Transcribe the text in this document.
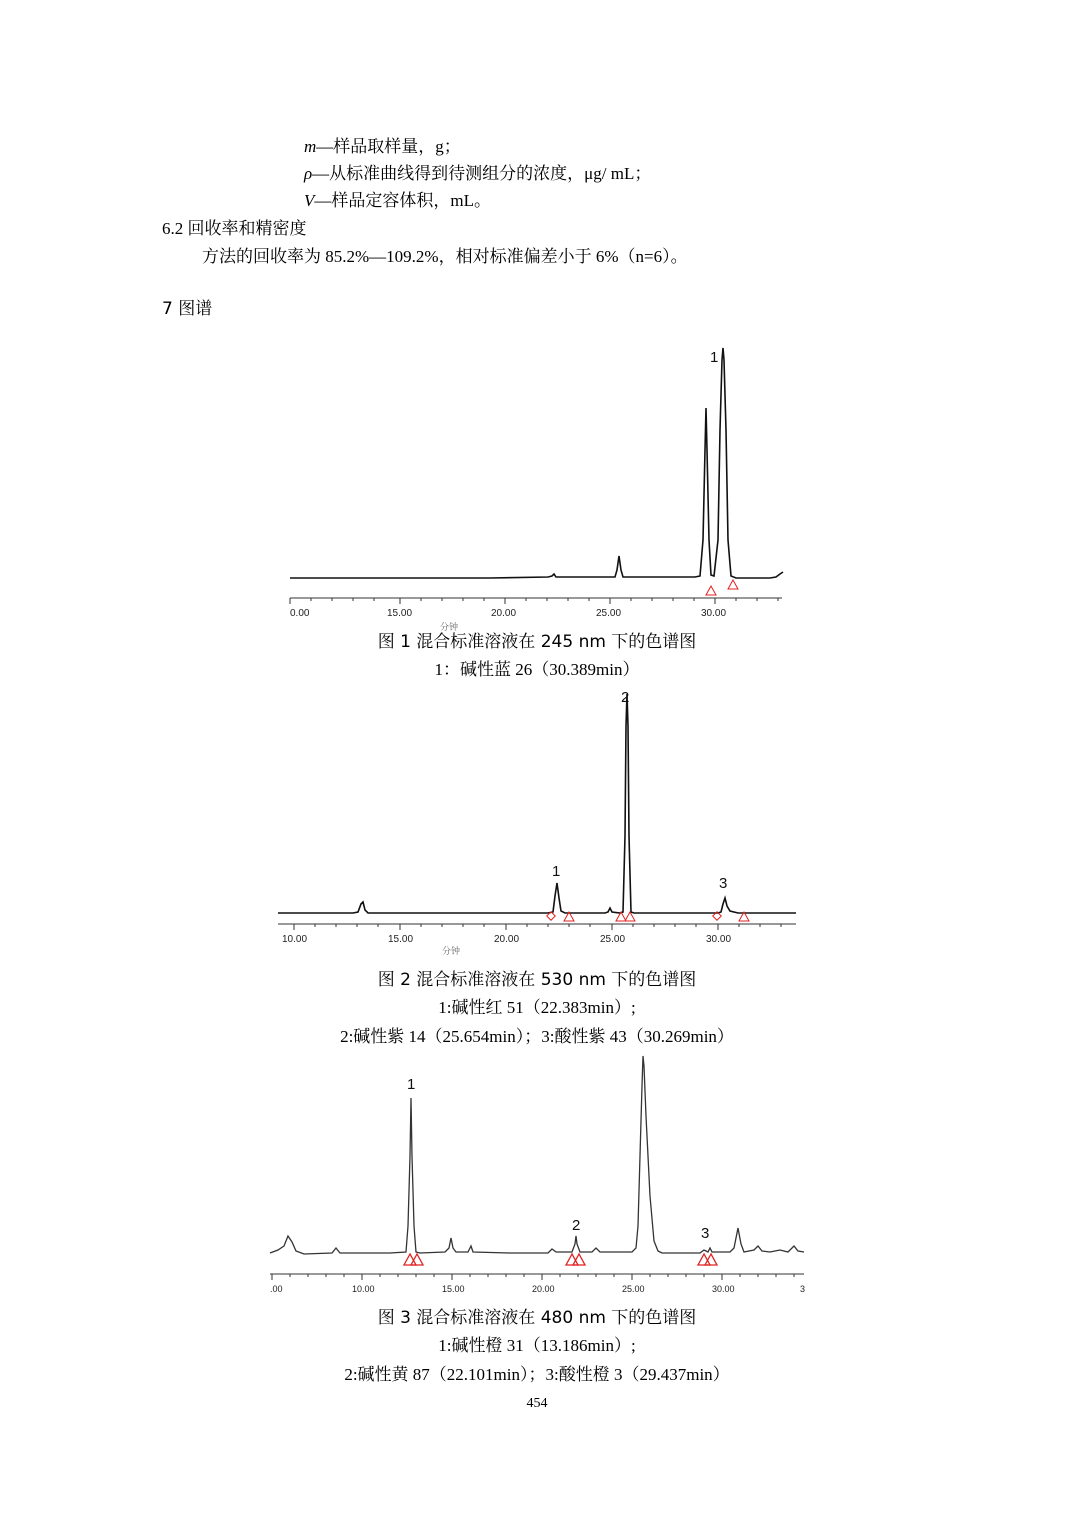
m—样品取样量，g；
ρ—从标准曲线得到待测组分的浓度，μg/ mL；
V—样品定容体积，mL。
6.2 回收率和精密度
方法的回收率为 85.2%—109.2%，相对标准偏差小于 6%（n=6）。
7 图谱
1
0.00	15.00	20.00	25.00	30.00
分钟
图 1 混合标准溶液在 245 nm 下的色谱图
1：碱性蓝 26（30.389min）
1
2
3
10.00	15.00	20.00	25.00	30.00
分钟
图 2 混合标准溶液在 530 nm 下的色谱图
1:碱性红 51（22.383min）;
2:碱性紫 14（25.654min）；3:酸性紫 43（30.269min）
1
2	3
.00	10.00	15.00	20.00	25.00	30.00	3
图 3 混合标准溶液在 480 nm 下的色谱图
1:碱性橙 31（13.186min）;
2:碱性黄 87（22.101min）；3:酸性橙 3（29.437min）
454
